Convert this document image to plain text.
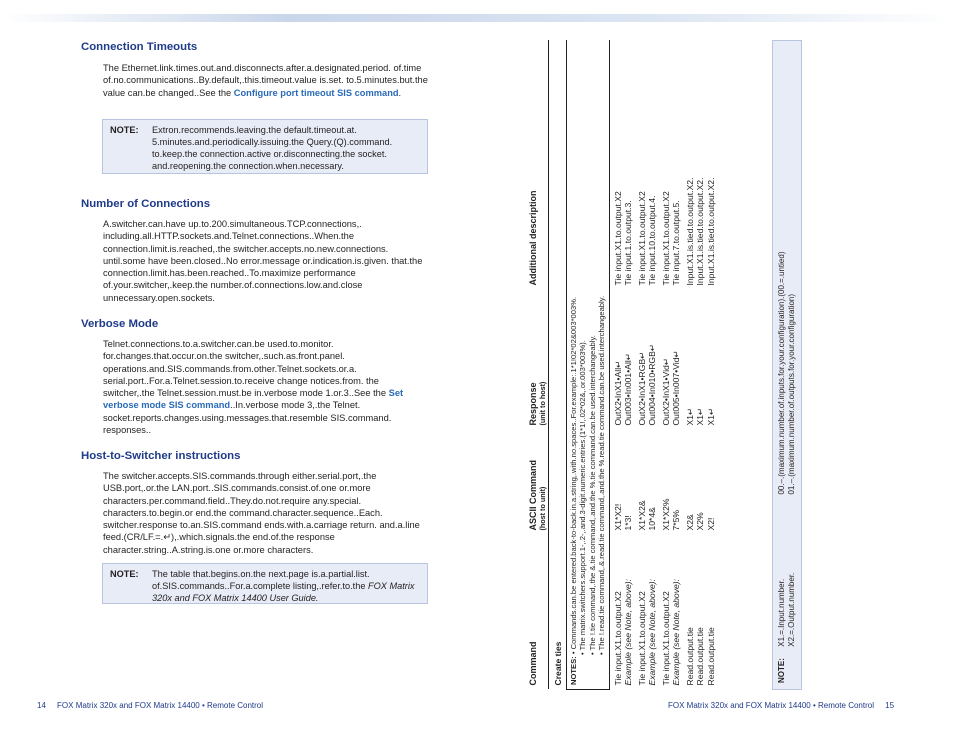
Connection Timeouts

The Ethernet.link.times.out.and.disconnects.after.a.designated.period. of.time of.no.communications..By.default,.this.timeout.value is.set. to.5.minutes.but.the value can.be changed..See the Configure port timeout SIS command.

NOTE: Extron.recommends.leaving.the default.timeout.at. 5.minutes.and.periodically.issuing.the Query.(Q).command. to.keep.the connection.active or.disconnecting.the socket. and.reopening.the connection.when.necessary.
Number of Connections

A.switcher.can.have up.to.200.simultaneous.TCP.connections,. including.all.HTTP.sockets.and.Telnet.connections..When.the connection.limit.is.reached,.the switcher.accepts.no.new.connections. until.some have been.closed..No error.message or.indication.is.given. that.the connection.limit.has.been.reached..To.maximize performance of.your.switcher,.keep.the number.of.connections.low.and.close unnecessary.open.sockets.

Verbose Mode

Telnet.connections.to.a.switcher.can.be used.to.monitor. for.changes.that.occur.on.the switcher,.such.as.front.panel. operations.and.SIS.commands.from.other.Telnet.sockets.or.a. serial.port..For.a.Telnet.session.to.receive change notices.from. the switcher,.the Telnet.session.must.be in.verbose mode 1.or.3..See the Set verbose mode SIS command..In.verbose mode 3,.the Telnet. socket.reports.changes.using.messages.that.resemble SIS.command. responses..

Host-to-Switcher instructions

The switcher.accepts.SIS.commands.through either.serial.port,.the USB.port,.or.the LAN.port..SIS.commands.consist.of.one or.more characters.per.command.field..They.do.not.require any.special. characters.to.begin.or end.the command.character.sequence..Each. switcher.response to.an.SIS.command ends.with.a.carriage return. and.a.line feed.(CR/LF.=.↵),.which.signals.the end.of.the response character.string..A.string.is.one or.more characters.

NOTE: The table that.begins.on.the next.page is.a.partial.list. of.SIS.commands..For.a.complete listing,.refer.to.the FOX Matrix 320x and FOX Matrix 14400 User Guide.
14 FOX Matrix 320x and FOX Matrix 14400 • Remote Control
Command	ASCII Command (host to unit)	Response (unit to host)	Additional description
Create ties			
NOTES: • Commands.can.be entered.back-to-back.in.a.string,.with.no.spaces..For.example:.1*1!02*02&003*003%.
• The matrix.switchers.support.1-,.2-,.and.3-digit.numeric.entries.(1*1!,.02*02&,.or.003*003%).
• The !.tie command,.the &.tie command,.and.the %.tie command.can.be used.interchangeably.
• The !.read.tie command,.&.read.tie command,.and.the %.read.tie command.can.be used.interchangeably.			
Tie input.X1.to.output.X2	X1*X2!	OutX2•InX1•All↵	Tie input.X1.to.output.X2
Example (see Note, above):	1*3!	Out003•In001•All↵	Tie input.1.to.output.3.
Tie input.X1.to.output.X2	X1*X2&	OutX2•InX1•RGB↵	Tie input.X1.to.output.X2
Example (see Note, above):	10*4&	Out004•In010•RGB↵	Tie input.10.to.output.4.
Tie input.X1.to.output.X2	X1*X2%	OutX2•InX1•Vid↵	Tie input.X1.to.output.X2
Example (see Note, above):	7*5%	Out005•In007•Vid↵	Tie input.7.to.output.5.
Read.output.tie	X2&	X1↵	Input.X1.is.tied.to.output.X2.
Read.output.tie	X2%	X1↵	Input.X1.is.tied.to.output.X2.
Read.output.tie	X2!	X1↵	Input.X1.is.tied.to.output.X2.
NOTE: X1.=.Input.number.
X2.=.Output.number. 00.–.(maximum.number.of.inputs.for.your.configuration).(00.=.untied)
01.–.(maximum.number.of.outputs.for.your.configuration)
FOX Matrix 320x and FOX Matrix 14400 • Remote Control 15
